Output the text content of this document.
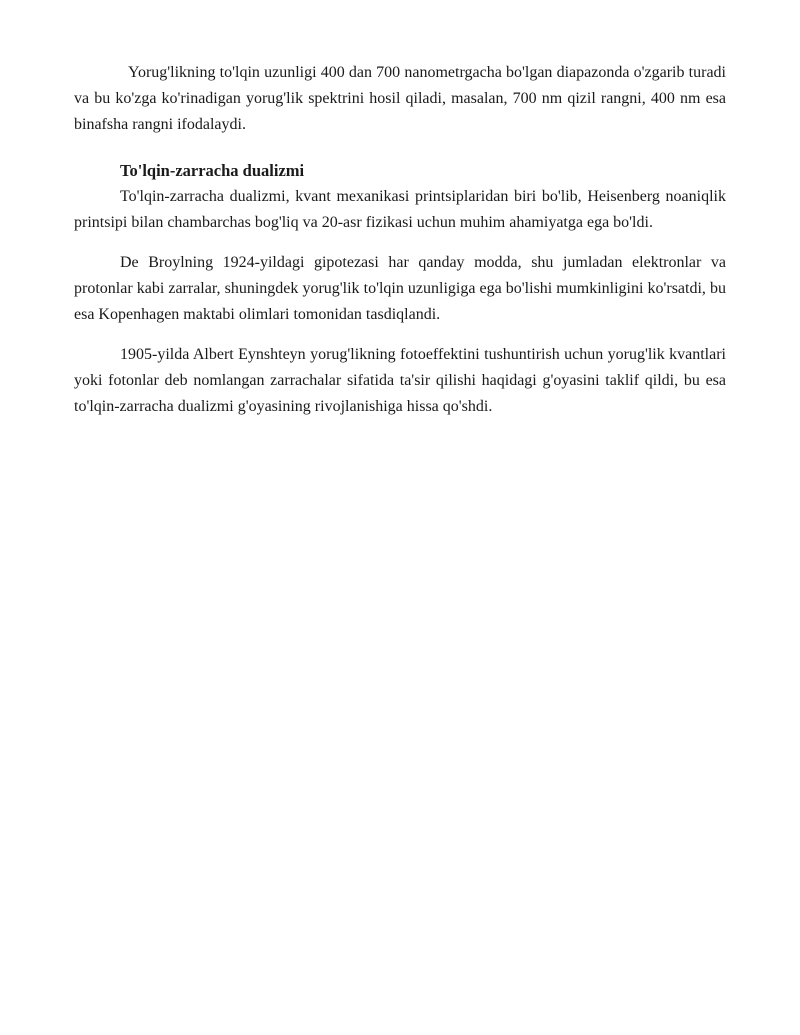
Yorug'likning to'lqin uzunligi 400 dan 700 nanometrgacha bo'lgan diapazonda o'zgarib turadi va bu ko'zga ko'rinadigan yorug'lik spektrini hosil qiladi, masalan, 700 nm qizil rangni, 400 nm esa binafsha rangni ifodalaydi.

To'lqin-zarracha dualizmi

To'lqin-zarracha dualizmi, kvant mexanikasi printsiplaridan biri bo'lib, Heisenberg noaniqlik printsipi bilan chambarchas bog'liq va 20-asr fizikasi uchun muhim ahamiyatga ega bo'ldi.

De Broylning 1924-yildagi gipotezasi har qanday modda, shu jumladan elektronlar va protonlar kabi zarralar, shuningdek yorug'lik to'lqin uzunligiga ega bo'lishi mumkinligini ko'rsatdi, bu esa Kopenhagen maktabi olimlari tomonidan tasdiqlandi.

1905-yilda Albert Eynshteyn yorug'likning fotoeffektini tushuntirish uchun yorug'lik kvantlari yoki fotonlar deb nomlangan zarrachalar sifatida ta'sir qilishi haqidagi g'oyasini taklif qildi, bu esa to'lqin-zarracha dualizmi g'oyasining rivojlanishiga hissa qo'shdi.
